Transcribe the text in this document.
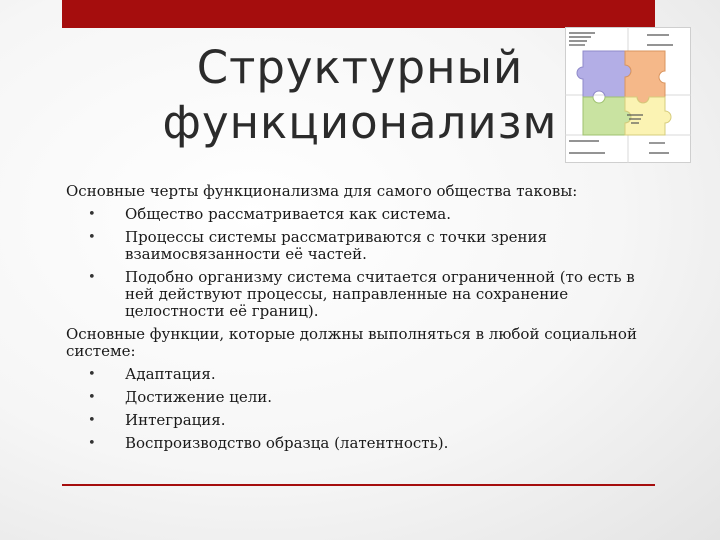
Структурный
функционализм

Основные черты функционализма для самого общества таковы:

• Общество рассматривается как система.
• Процессы системы рассматриваются с точки зрения взаимосвязанности её частей.
• Подобно организму система считается ограниченной (то есть в ней действуют процессы, направленные на сохранение целостности её границ).

Основные функции, которые должны выполняться в любой социальной системе:

• Адаптация.
• Достижение цели.
• Интеграция.
• Воспроизводство образца (латентность).
